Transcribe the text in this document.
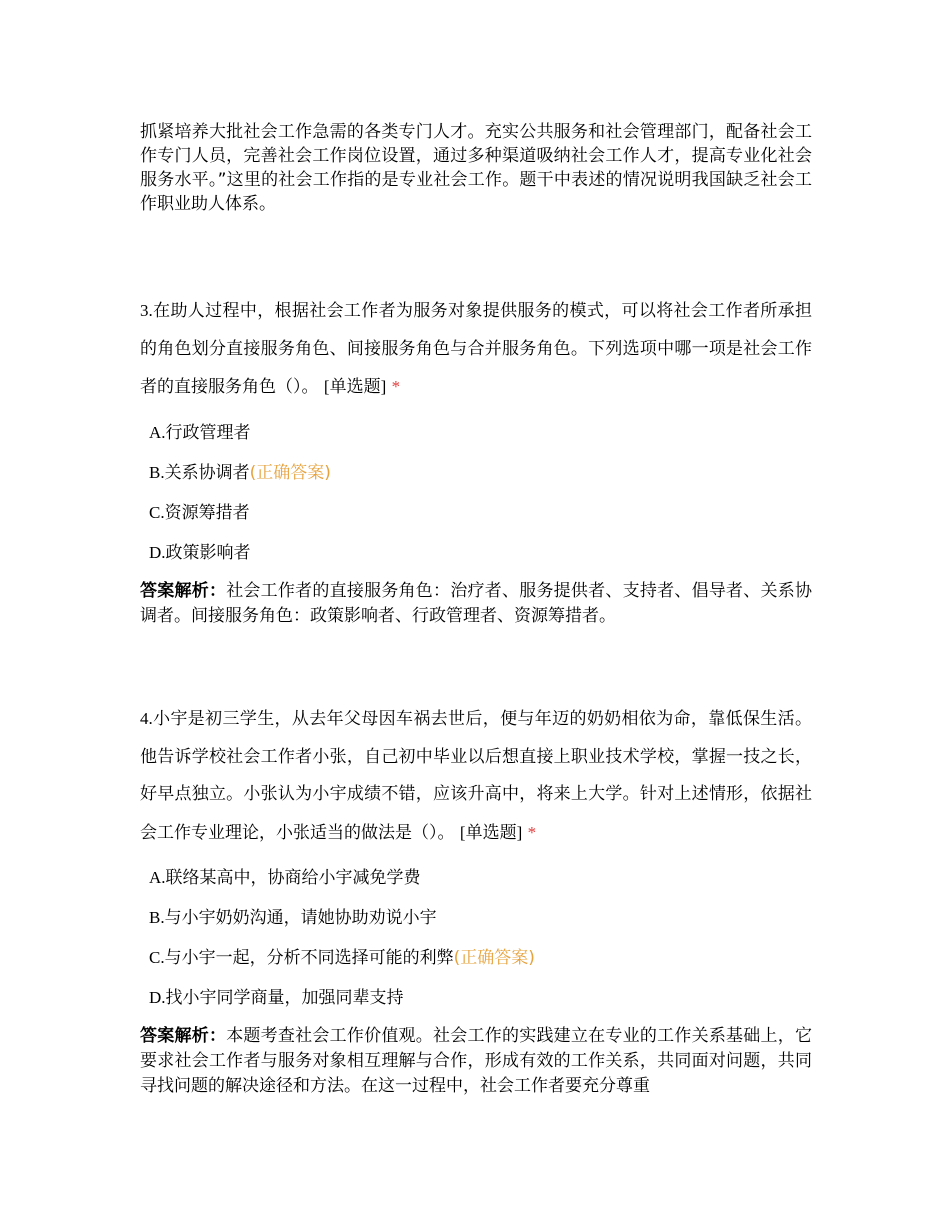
抓紧培养大批社会工作急需的各类专门人才。充实公共服务和社会管理部门，配备社会工作专门人员，完善社会工作岗位设置，通过多种渠道吸纳社会工作人才，提高专业化社会服务水平。”这里的社会工作指的是专业社会工作。题干中表述的情况说明我国缺乏社会工作职业助人体系。

3.在助人过程中，根据社会工作者为服务对象提供服务的模式，可以将社会工作者所承担的角色划分直接服务角色、间接服务角色与合并服务角色。下列选项中哪一项是社会工作者的直接服务角色（）。 [单选题] *

A.行政管理者
B.关系协调者(正确答案)
C.资源筹措者
D.政策影响者

答案解析：社会工作者的直接服务角色：治疗者、服务提供者、支持者、倡导者、关系协调者。间接服务角色：政策影响者、行政管理者、资源筹措者。

4.小宇是初三学生，从去年父母因车祸去世后，便与年迈的奶奶相依为命，靠低保生活。他告诉学校社会工作者小张，自己初中毕业以后想直接上职业技术学校，掌握一技之长，好早点独立。小张认为小宇成绩不错，应该升高中，将来上大学。针对上述情形，依据社会工作专业理论，小张适当的做法是（）。 [单选题] *

A.联络某高中，协商给小宇减免学费
B.与小宇奶奶沟通，请她协助劝说小宇
C.与小宇一起，分析不同选择可能的利弊(正确答案)
D.找小宇同学商量，加强同辈支持

答案解析：本题考查社会工作价值观。社会工作的实践建立在专业的工作关系基础上，它要求社会工作者与服务对象相互理解与合作，形成有效的工作关系，共同面对问题，共同寻找问题的解决途径和方法。在这一过程中，社会工作者要充分尊重
